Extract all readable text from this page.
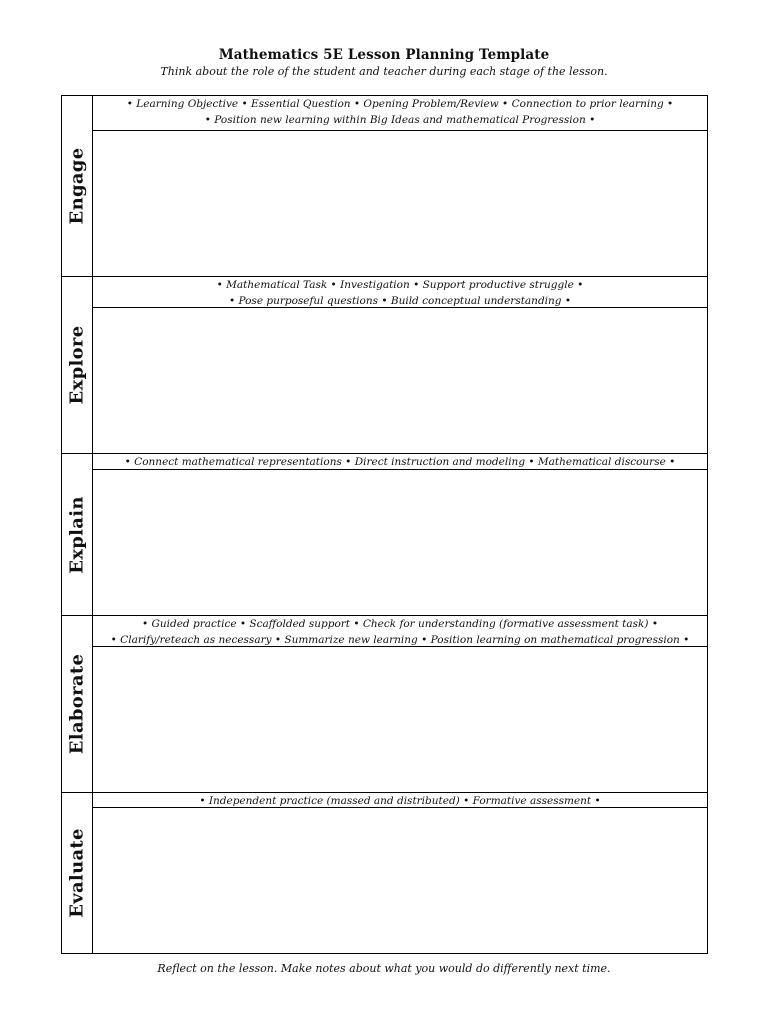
Mathematics 5E Lesson Planning Template
Think about the role of the student and teacher during each stage of the lesson.
Engage
• Learning Objective • Essential Question • Opening Problem/Review • Connection to prior learning •
• Position new learning within Big Ideas and mathematical Progression •
Explore
• Mathematical Task • Investigation • Support productive struggle •
• Pose purposeful questions • Build conceptual understanding •
Explain
• Connect mathematical representations • Direct instruction and modeling • Mathematical discourse •
Elaborate
• Guided practice • Scaffolded support • Check for understanding (formative assessment task) •
• Clarify/reteach as necessary • Summarize new learning • Position learning on mathematical progression •
Evaluate
• Independent practice (massed and distributed) • Formative assessment •
Reflect on the lesson. Make notes about what you would do differently next time.
